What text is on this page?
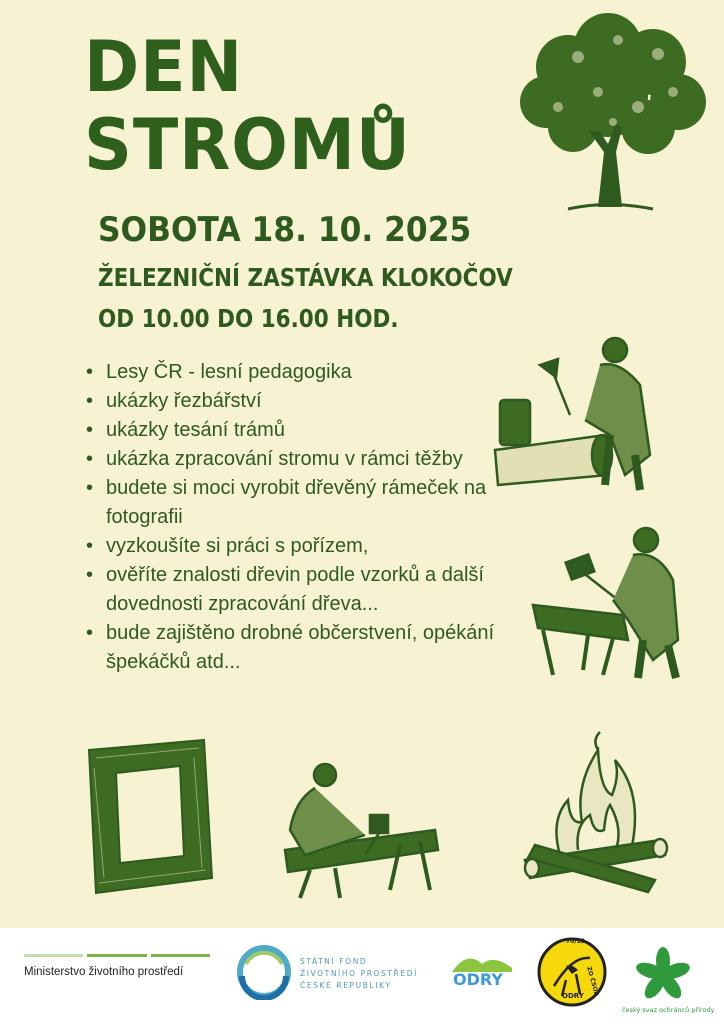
DEN
STROMŮ
SOBOTA 18. 10. 2025
ŽELEZNIČNÍ ZASTÁVKA KLOKOČOV
OD 10.00 DO 16.00 HOD.
• Lesy ČR - lesní pedagogika
• ukázky řezbářství
• ukázky tesání trámů
• ukázka zpracování stromu v rámci těžby
• budete si moci vyrobit dřevěný rámeček na fotografii
• vyzkoušíte si práci s pořízem,
• ověříte znalosti dřevin podle vzorků a další dovednosti zpracování dřeva...
• bude zajištěno drobné občerstvení, opékání špekáčků atd...
Ministerstvo životního prostředí
STÁTNÍ FOND
ŽIVOTNÍHO PROSTŘEDÍ
ČESKÉ REPUBLIKY	ODRY
70/13
ZO ČSOP
ODRY
český svaz ochránců přírody
